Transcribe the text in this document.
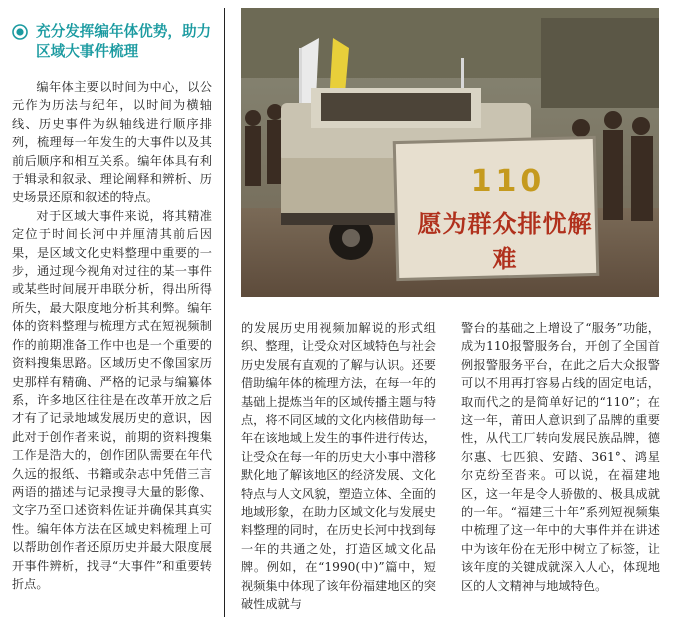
充分发挥编年体优势，助力区域大事件梳理

编年体主要以时间为中心，以公元作为历法与纪年，以时间为横轴线、历史事件为纵轴线进行顺序排列，梳理每一年发生的大事件以及其前后顺序和相互关系。编年体具有利于辑录和叙录、理论阐释和辨析、历史场景还原和叙述的特点。

对于区域大事件来说，将其精准定位于时间长河中并厘清其前后因果，是区域文化史料整理中重要的一步，通过现今视角对过往的某一事件或某些时间展开串联分析，得出所得所失，最大限度地分析其利弊。编年体的资料整理与梳理方式在短视频制作的前期准备工作中也是一个重要的资料搜集思路。区域历史不像国家历史那样有精确、严格的记录与编纂体系，许多地区往往是在改革开放之后才有了记录地域发展历史的意识，因此对于创作者来说，前期的资料搜集工作是浩大的，创作团队需要在年代久远的报纸、书籍或杂志中凭借三言两语的描述与记录搜寻大量的影像、文字乃至口述资料佐证并确保其真实性。编年体方法在区域史料梳理上可以帮助创作者还原历史并最大限度展开事件辨析，找寻“大事件”和重要转折点。

110
愿为群众排忧解难

的发展历史用视频加解说的形式组织、整理，让受众对区域特色与社会历史发展有直观的了解与认识。还要借助编年体的梳理方法，在每一年的基础上提炼当年的区域传播主题与特点，将不同区域的文化内核借助每一年在该地域上发生的事件进行传达，让受众在每一年的历史大小事中潜移默化地了解该地区的经济发展、文化特点与人文风貌，塑造立体、全面的地域形象，在助力区域文化与发展史料整理的同时，在历史长河中找到每一年的共通之处，打造区域文化品牌。例如，在“1990(中)”篇中，短视频集中体现了该年份福建地区的突破性成就与

警台的基础之上增设了“服务”功能，成为110报警服务台，开创了全国首例报警服务平台，在此之后大众报警可以不用再打容易占线的固定电话，取而代之的是简单好记的“110”；在这一年，莆田人意识到了品牌的重要性，从代工厂转向发展民族品牌，德尔惠、七匹狼、安踏、361°、鸿星尔克纷至沓来。可以说，在福建地区，这一年是令人骄傲的、极具成就的一年。“福建三十年”系列短视频集中梳理了这一年中的大事件并在讲述中为该年份在无形中树立了标签，让该年度的关键成就深入人心，体现地区的人文精神与地域特色。
